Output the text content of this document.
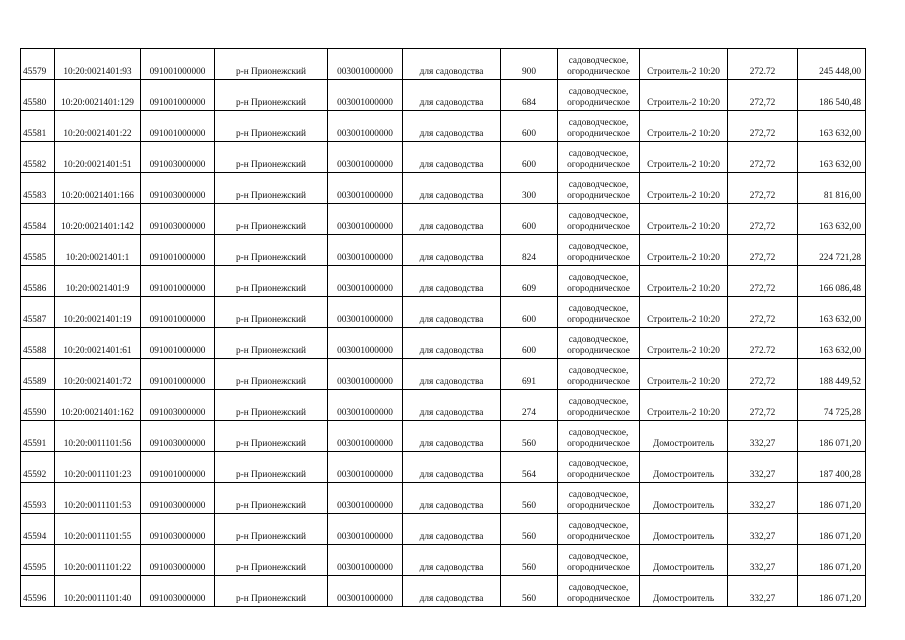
45579	10:20:0021401:93	091001000000	р-н Прионежский	003001000000	для садоводства	900	садоводческое,
огородническое	Строитель-2 10:20	272.72	245 448,00
45580	10:20:0021401:129	091001000000	р-н Прионежский	003001000000	для садоводства	684	садоводческое,
огородническое	Строитель-2 10:20	272,72	186 540,48
45581	10:20:0021401:22	091001000000	р-н Прионежский	003001000000	для садоводства	600	садоводческое,
огородническое	Строитель-2 10:20	272,72	163 632,00
45582	10:20:0021401:51	091003000000	р-н Прионежский	003001000000	для садоводства	600	садоводческое,
огородническое	Строитель-2 10:20	272,72	163 632,00
45583	10:20:0021401:166	091003000000	р-н Прионежский	003001000000	для садоводства	300	садоводческое,
огородническое	Строитель-2 10:20	272,72	81 816,00
45584	10:20:0021401:142	091003000000	р-н Прионежский	003001000000	для садоводства	600	садоводческое,
огородническое	Строитель-2 10:20	272,72	163 632,00
45585	10:20:0021401:1	091001000000	р-н Прионежский	003001000000	для садоводства	824	садоводческое,
огородническое	Строитель-2 10:20	272,72	224 721,28
45586	10:20:0021401:9	091001000000	р-н Прионежский	003001000000	для садоводства	609	садоводческое,
огородническое	Строитель-2 10:20	272,72	166 086,48
45587	10:20:0021401:19	091001000000	р-н Прионежский	003001000000	для садоводства	600	садоводческое,
огородническое	Строитель-2 10:20	272,72	163 632,00
45588	10:20:0021401:61	091001000000	р-н Прионежский	003001000000	для садоводства	600	садоводческое,
огородническое	Строитель-2 10:20	272.72	163 632,00
45589	10:20:0021401:72	091001000000	р-н Прионежский	003001000000	для садоводства	691	садоводческое,
огородническое	Строитель-2 10:20	272,72	188 449,52
45590	10:20:0021401:162	091003000000	р-н Прионежский	003001000000	для садоводства	274	садоводческое,
огородническое	Строитель-2 10:20	272,72	74 725,28
45591	10:20:0011101:56	091003000000	р-н Прионежский	003001000000	для садоводства	560	садоводческое,
огородническое	Домостроитель	332,27	186 071,20
45592	10:20:0011101:23	091001000000	р-н Прионежский	003001000000	для садоводства	564	садоводческое,
огородническое	Домостроитель	332,27	187 400,28
45593	10:20:0011101:53	091003000000	р-н Прионежский	003001000000	для садоводства	560	садоводческое,
огородническое	Домостроитель	332,27	186 071,20
45594	10:20:0011101:55	091003000000	р-н Прионежский	003001000000	для садоводства	560	садоводческое,
огородническое	Домостроитель	332,27	186 071,20
45595	10:20:0011101:22	091003000000	р-н Прионежский	003001000000	для садоводства	560	садоводческое,
огородническое	Домостроитель	332,27	186 071,20
45596	10:20:0011101:40	091003000000	р-н Прионежский	003001000000	для садоводства	560	садоводческое,
огородническое	Домостроитель	332,27	186 071,20
